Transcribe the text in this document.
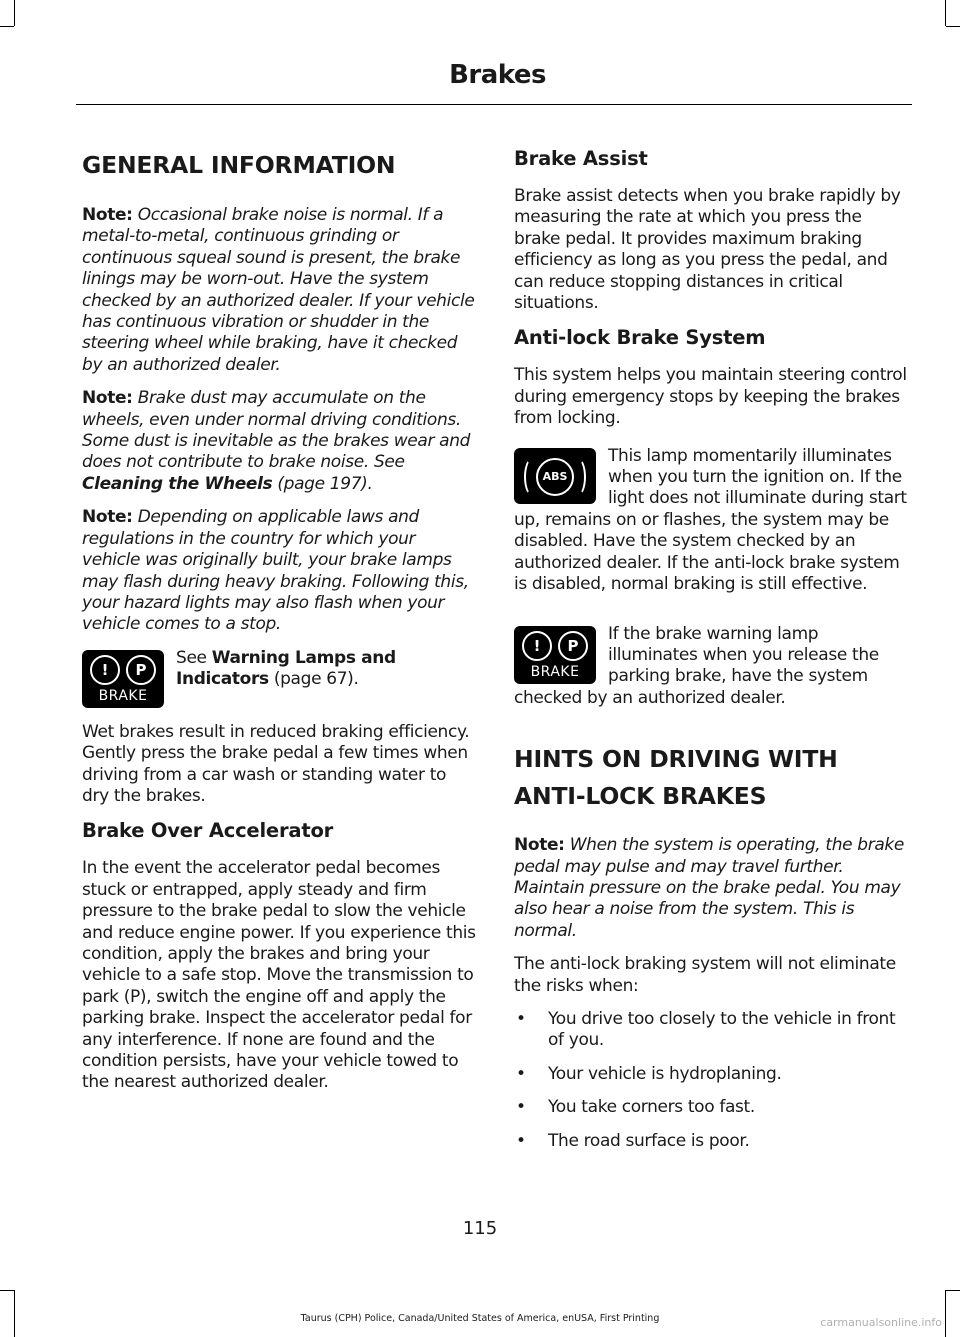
Brakes
GENERAL INFORMATION

Note: Occasional brake noise is normal. If a metal-to-metal, continuous grinding or continuous squeal sound is present, the brake linings may be worn-out. Have the system checked by an authorized dealer. If your vehicle has continuous vibration or shudder in the steering wheel while braking, have it checked by an authorized dealer.

Note: Brake dust may accumulate on the wheels, even under normal driving conditions. Some dust is inevitable as the brakes wear and does not contribute to brake noise. See Cleaning the Wheels (page 197).

Note: Depending on applicable laws and regulations in the country for which your vehicle was originally built, your brake lamps may flash during heavy braking. Following this, your hazard lights may also flash when your vehicle comes to a stop.

!	P
BRAKE

See Warning Lamps and Indicators (page 67).

Wet brakes result in reduced braking efficiency. Gently press the brake pedal a few times when driving from a car wash or standing water to dry the brakes.

Brake Over Accelerator

In the event the accelerator pedal becomes stuck or entrapped, apply steady and firm pressure to the brake pedal to slow the vehicle and reduce engine power. If you experience this condition, apply the brakes and bring your vehicle to a safe stop. Move the transmission to park (P), switch the engine off and apply the parking brake. Inspect the accelerator pedal for any interference. If none are found and the condition persists, have your vehicle towed to the nearest authorized dealer.

Brake Assist

Brake assist detects when you brake rapidly by measuring the rate at which you press the brake pedal. It provides maximum braking efficiency as long as you press the pedal, and can reduce stopping distances in critical situations.

Anti-lock Brake System

This system helps you maintain steering control during emergency stops by keeping the brakes from locking.

ABS

This lamp momentarily illuminates when you turn the ignition on. If the light does not illuminate during start up, remains on or flashes, the system may be disabled. Have the system checked by an authorized dealer. If the anti-lock brake system is disabled, normal braking is still effective.

!	P
BRAKE

If the brake warning lamp illuminates when you release the parking brake, have the system checked by an authorized dealer.

HINTS ON DRIVING WITH
ANTI-LOCK BRAKES

Note: When the system is operating, the brake pedal may pulse and may travel further. Maintain pressure on the brake pedal. You may also hear a noise from the system. This is normal.

The anti-lock braking system will not eliminate the risks when:

• You drive too closely to the vehicle in front of you.
• Your vehicle is hydroplaning.
• You take corners too fast.
• The road surface is poor.
115
Taurus (CPH) Police, Canada/United States of America, enUSA, First Printing	carmanualsonline.info
